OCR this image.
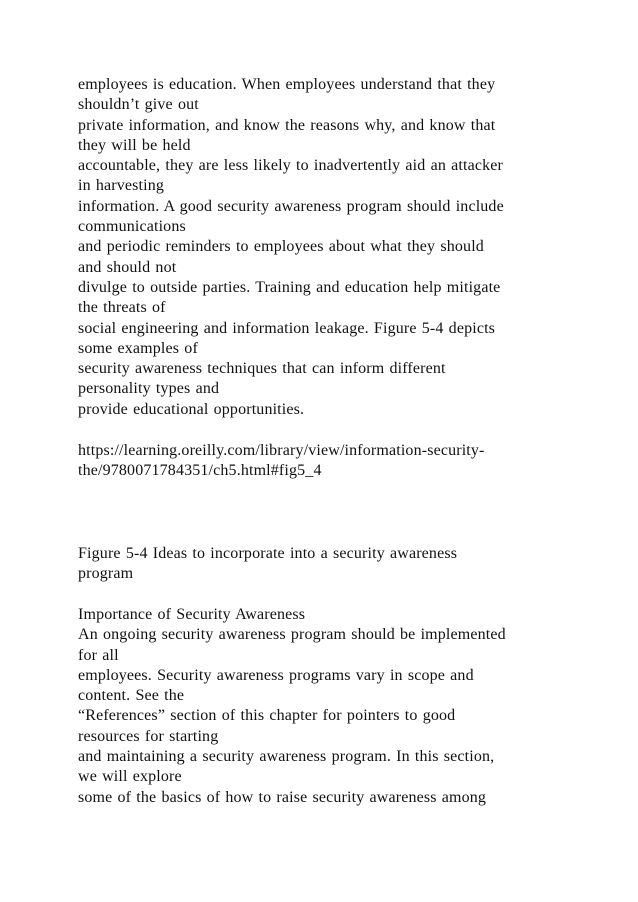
employees is education. When employees understand that they
shouldn’t give out
private information, and know the reasons why, and know that
they will be held
accountable, they are less likely to inadvertently aid an attacker
in harvesting
information. A good security awareness program should include
communications
and periodic reminders to employees about what they should
and should not
divulge to outside parties. Training and education help mitigate
the threats of
social engineering and information leakage. Figure 5-4 depicts
some examples of
security awareness techniques that can inform different
personality types and
provide educational opportunities.
https://learning.oreilly.com/library/view/information-security-
the/9780071784351/ch5.html#fig5_4
Figure 5-4 Ideas to incorporate into a security awareness
program
Importance of Security Awareness
An ongoing security awareness program should be implemented
for all
employees. Security awareness programs vary in scope and
content. See the
“References” section of this chapter for pointers to good
resources for starting
and maintaining a security awareness program. In this section,
we will explore
some of the basics of how to raise security awareness among
